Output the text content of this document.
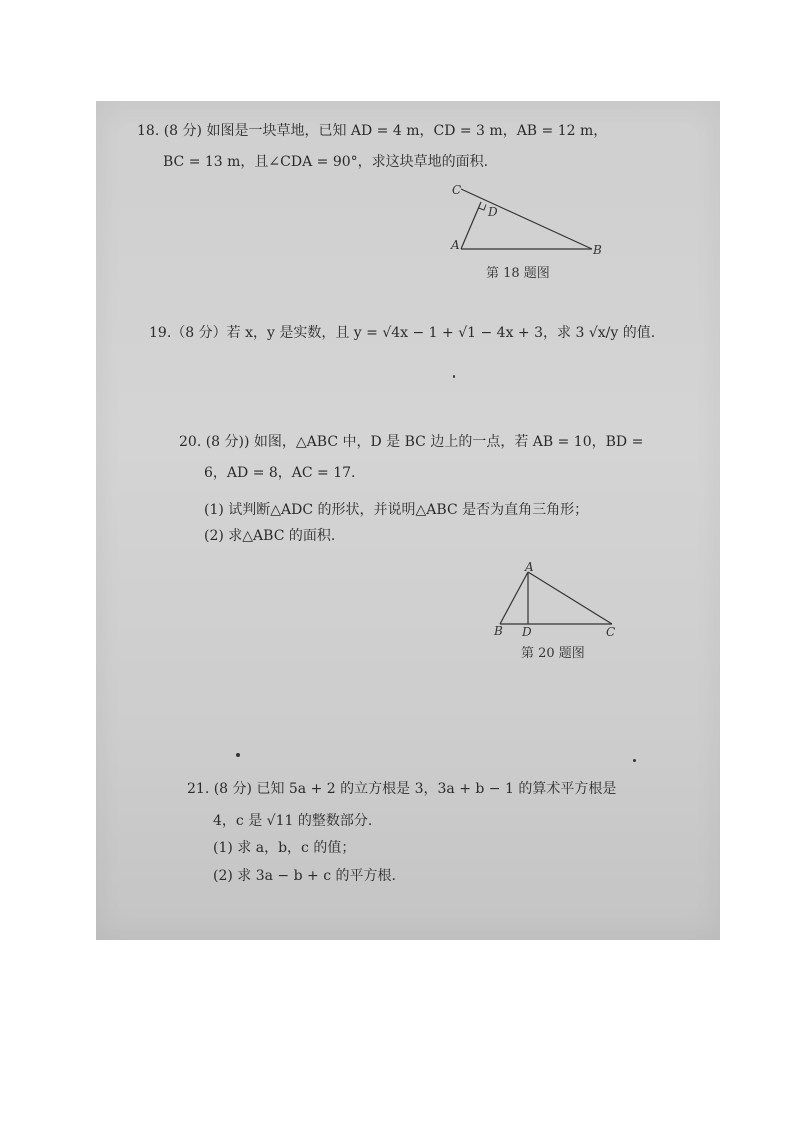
18. (8 分) 如图是一块草地，已知 AD = 4 m，CD = 3 m，AB = 12 m，
BC = 13 m，且∠CDA = 90°，求这块草地的面积.
C
D
A	B
第 18 题图
19.（8 分）若 x，y 是实数，且 y = √4x − 1 + √1 − 4x + 3，求 3 √x/y 的值.
20. (8 分)) 如图，△ABC 中，D 是 BC 边上的一点，若 AB = 10，BD =
6，AD = 8，AC = 17.
(1) 试判断△ADC 的形状，并说明△ABC 是否为直角三角形；
(2) 求△ABC 的面积.
A
B D	C
第 20 题图
21. (8 分) 已知 5a + 2 的立方根是 3，3a + b − 1 的算术平方根是
4，c 是 √11 的整数部分.
(1) 求 a，b，c 的值；
(2) 求 3a − b + c 的平方根.
